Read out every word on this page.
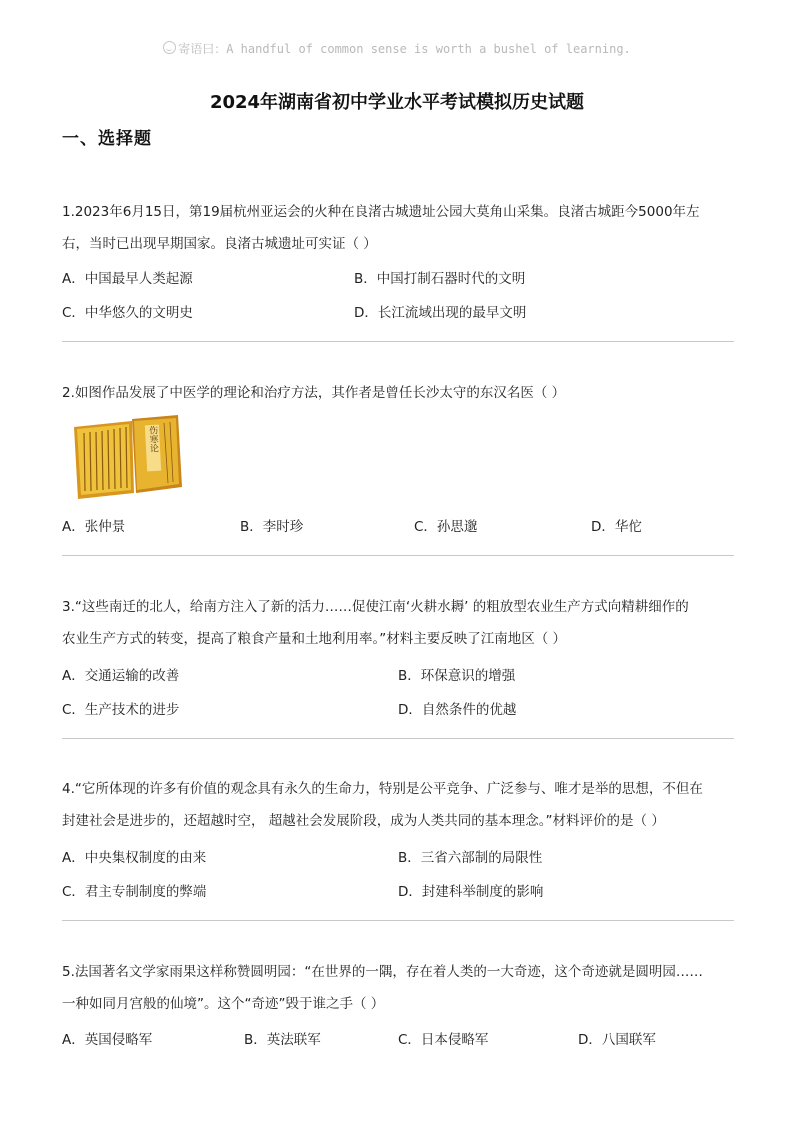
寄语曰：A handful of common sense is worth a bushel of learning.
2024年湖南省初中学业水平考试模拟历史试题
一、选择题
1.2023年6月15日，第19届杭州亚运会的火种在良渚古城遗址公园大莫角山采集。良渚古城距今5000年左
右，当时已出现早期国家。良渚古城遗址可实证（ ）
A．中国最早人类起源	B．中国打制石器时代的文明
C．中华悠久的文明史	D．长江流域出现的最早文明
2.如图作品发展了中医学的理论和治疗方法，其作者是曾任长沙太守的东汉名医（ ）
伤寒论
A．张仲景	B．李时珍	C．孙思邈	D．华佗
3.“这些南迁的北人，给南方注入了新的活力……促使江南‘火耕水耨’ 的粗放型农业生产方式向精耕细作的
农业生产方式的转变，提高了粮食产量和土地利用率。”材料主要反映了江南地区（ ）
A．交通运输的改善	B．环保意识的增强
C．生产技术的进步	D．自然条件的优越
4.“它所体现的许多有价值的观念具有永久的生命力，特别是公平竞争、广泛参与、唯才是举的思想，不但在
封建社会是进步的，还超越时空， 超越社会发展阶段，成为人类共同的基本理念。”材料评价的是（ ）
A．中央集权制度的由来	B．三省六部制的局限性
C．君主专制制度的弊端	D．封建科举制度的影响
5.法国著名文学家雨果这样称赞圆明园：“在世界的一隅，存在着人类的一大奇迹，这个奇迹就是圆明园……
一种如同月宫般的仙境”。这个“奇迹”毁于谁之手（ ）
A．英国侵略军	B．英法联军	C．日本侵略军	D．八国联军
